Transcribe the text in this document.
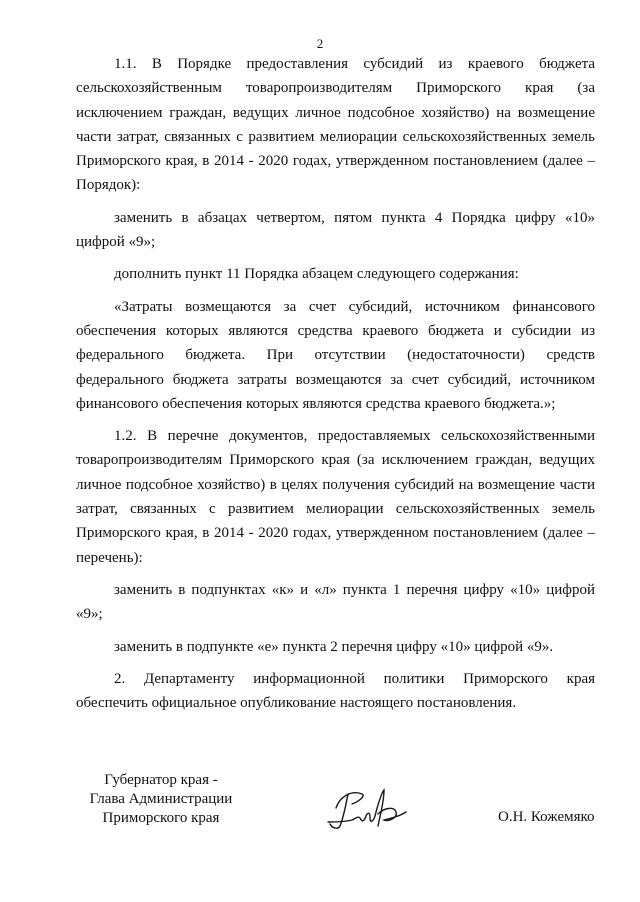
2

1.1. В Порядке предоставления субсидий из краевого бюджета сельскохозяйственным товаропроизводителям Приморского края (за исключением граждан, ведущих личное подсобное хозяйство) на возмещение части затрат, связанных с развитием мелиорации сельскохозяйственных земель Приморского края, в 2014 - 2020 годах, утвержденном постановлением (далее – Порядок):

заменить в абзацах четвертом, пятом пункта 4 Порядка цифру «10» цифрой «9»;

дополнить пункт 11 Порядка абзацем следующего содержания:

«Затраты возмещаются за счет субсидий, источником финансового обеспечения которых являются средства краевого бюджета и субсидии из федерального бюджета. При отсутствии (недостаточности) средств федерального бюджета затраты возмещаются за счет субсидий, источником финансового обеспечения которых являются средства краевого бюджета.»;

1.2. В перечне документов, предоставляемых сельскохозяйственными товаропроизводителям Приморского края (за исключением граждан, ведущих личное подсобное хозяйство) в целях получения субсидий на возмещение части затрат, связанных с развитием мелиорации сельскохозяйственных земель Приморского края, в 2014 - 2020 годах, утвержденном постановлением (далее – перечень):

заменить в подпунктах «к» и «л» пункта 1 перечня цифру «10» цифрой «9»;

заменить в подпункте «е» пункта 2 перечня цифру «10» цифрой «9».

2. Департаменту информационной политики Приморского края обеспечить официальное опубликование настоящего постановления.

Губернатор края -
Глава Администрации
Приморского края	О.Н. Кожемяко
